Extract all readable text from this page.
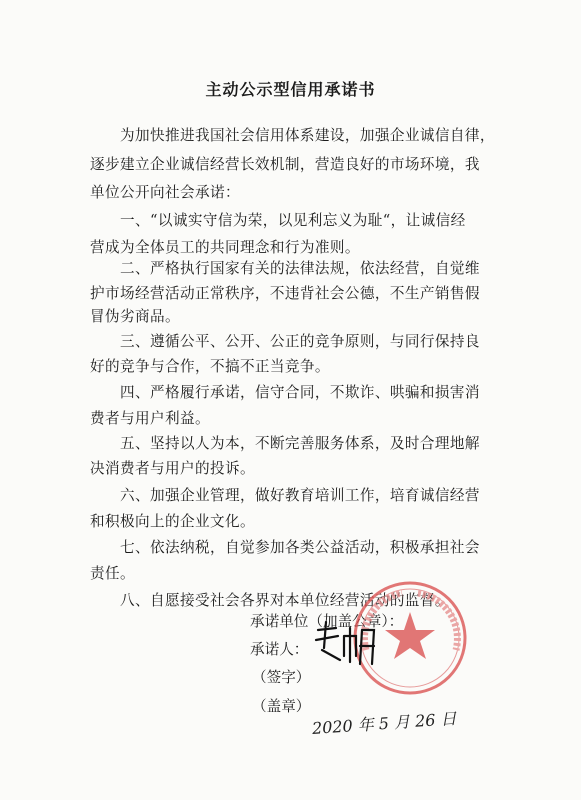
主动公示型信用承诺书
为加快推进我国社会信用体系建设，加强企业诚信自律，
逐步建立企业诚信经营长效机制，营造良好的市场环境，我
单位公开向社会承诺：
一、“以诚实守信为荣，以见利忘义为耻“，让诚信经
营成为全体员工的共同理念和行为准则。
二、严格执行国家有关的法律法规，依法经营，自觉维
护市场经营活动正常秩序，不违背社会公德，不生产销售假
冒伪劣商品。
三、遵循公平、公开、公正的竞争原则，与同行保持良
好的竞争与合作，不搞不正当竞争。
四、严格履行承诺，信守合同，不欺诈、哄骗和损害消
费者与用户利益。
五、坚持以人为本，不断完善服务体系，及时合理地解
决消费者与用户的投诉。
六、加强企业管理，做好教育培训工作，培育诚信经营
和积极向上的企业文化。
七、依法纳税，自觉参加各类公益活动，积极承担社会
责任。
八、自愿接受社会各界对本单位经营活动的监督。
承诺单位（加盖公章）：
承诺人：
（签字）
（盖章）
2020 年 5 月 26 日
